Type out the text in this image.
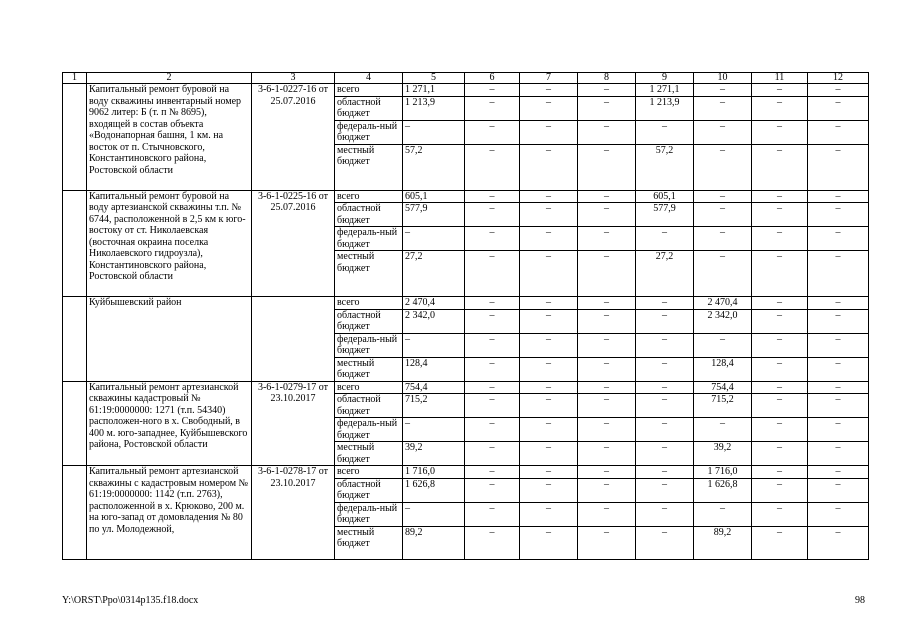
1	2	3	4	5	6	7	8	9	10	11	12
	Капитальный ремонт буровой на воду скважины инвентарный номер 9062 литер: Б (т. п № 8695), входящей в состав объекта «Водонапорная башня, 1 км. на восток от п. Стычновского, Константиновского района, Ростовской области	3-6-1-0227-16 от 25.07.2016	всего	1 271,1	–	–	–	1 271,1	–	–	–
			областной бюджет	1 213,9	–	–	–	1 213,9	–	–	–
			федераль-ный бюджет	–	–	–	–	–	–	–	–
			местный бюджет	57,2	–	–	–	57,2	–	–	–
	Капитальный ремонт буровой на воду артезианской скважины т.п. № 6744, расположенной в 2,5 км к юго-востоку от ст. Николаевская (восточная окраина поселка Николаевского гидроузла), Константиновского района, Ростовской области	3-6-1-0225-16 от 25.07.2016	всего	605,1	–	–	–	605,1	–	–	–
			областной бюджет	577,9	–	–	–	577,9	–	–	–
			федераль-ный бюджет	–	–	–	–	–	–	–	–
			местный бюджет	27,2	–	–	–	27,2	–	–	–
	Куйбышевский район		всего	2 470,4	–	–	–	–	2 470,4	–	–
			областной бюджет	2 342,0	–	–	–	–	2 342,0	–	–
			федераль-ный бюджет	–	–	–	–	–	–	–	–
			местный бюджет	128,4	–	–	–	–	128,4	–	–
	Капитальный ремонт артезианской скважины кадастровый № 61:19:0000000: 1271 (т.п. 54340) расположен-ного в х. Свободный, в 400 м. юго-западнее, Куйбышевского района, Ростовской области	3-6-1-0279-17 от 23.10.2017	всего	754,4	–	–	–	–	754,4	–	–
			областной бюджет	715,2	–	–	–	–	715,2	–	–
			федераль-ный бюджет	–	–	–	–	–	–	–	–
			местный бюджет	39,2	–	–	–	–	39,2	–	–
	Капитальный ремонт артезианской скважины с кадастровым номером № 61:19:0000000: 1142 (т.п. 2763), расположенной в х. Крюково, 200 м. на юго-запад от домовладения № 80 по ул. Молодежной,	3-6-1-0278-17 от 23.10.2017	всего	1 716,0	–	–	–	–	1 716,0	–	–
			областной бюджет	1 626,8	–	–	–	–	1 626,8	–	–
			федераль-ный бюджет	–	–	–	–	–	–	–	–
			местный бюджет	89,2	–	–	–	–	89,2	–	–
Y:\ORST\Ppo\0314p135.f18.docx	98
